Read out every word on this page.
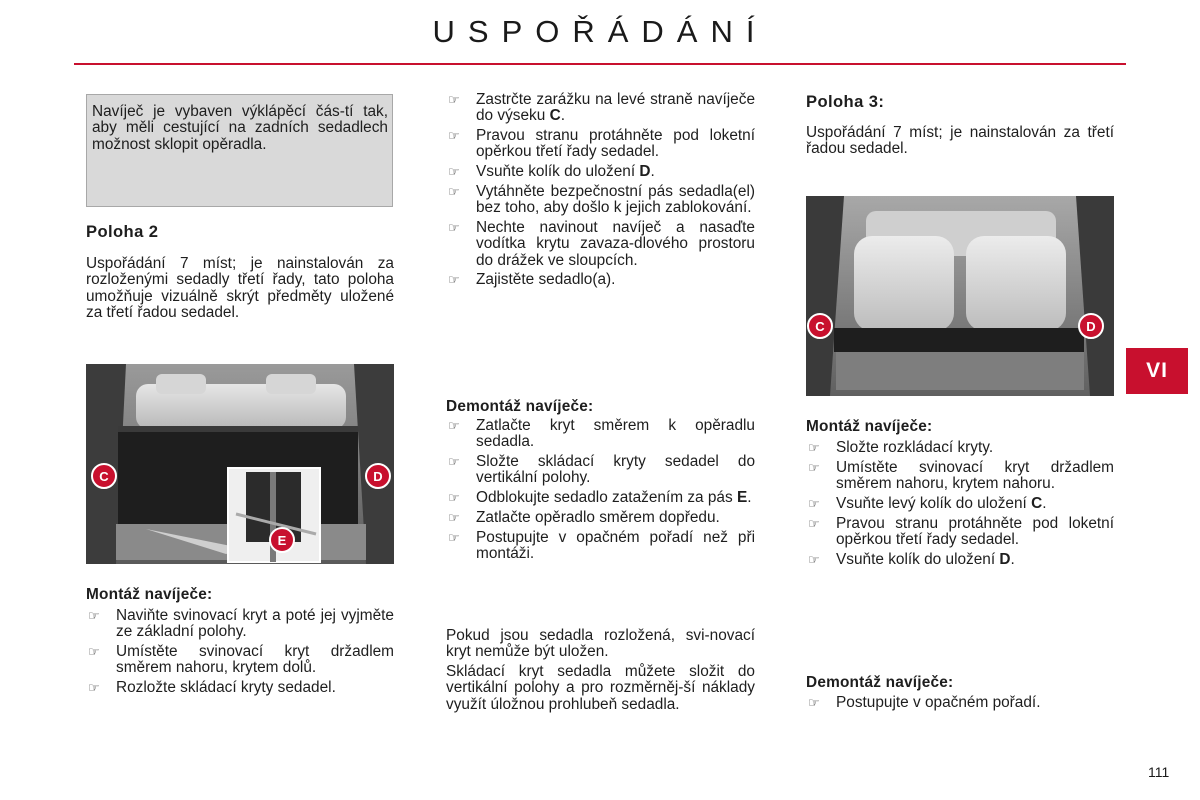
USPOŘÁDÁNÍ
Navíječ je vybaven výklápěcí čás-tí tak, aby měli cestující na zadních sedadlech možnost sklopit opěradla.
Poloha 2
Uspořádání 7 míst; je nainstalován za rozloženými sedadly třetí řady, tato poloha umožňuje vizuálně skrýt předměty uložené za třetí řadou sedadel.
C	D
E
Montáž navíječe:
☞ Naviňte svinovací kryt a poté jej vyjměte ze základní polohy.
☞ Umístěte svinovací kryt držadlem směrem nahoru, krytem dolů.
☞ Rozložte skládací kryty sedadel.
☞ Zastrčte zarážku na levé straně navíječe do výseku C.
☞ Pravou stranu protáhněte pod loketní opěrkou třetí řady sedadel.
☞ Vsuňte kolík do uložení D.
☞ Vytáhněte bezpečnostní pás sedadla(el) bez toho, aby došlo k jejich zablokování.
☞ Nechte navinout navíječ a nasaďte vodítka krytu zavaza-dlového prostoru do drážek ve sloupcích.
☞ Zajistěte sedadlo(a).
Demontáž navíječe:
☞ Zatlačte kryt směrem k opěradlu sedadla.
☞ Složte skládací kryty sedadel do vertikální polohy.
☞ Odblokujte sedadlo zatažením za pás E.
☞ Zatlačte opěradlo směrem dopředu.
☞ Postupujte v opačném pořadí než při montáži.
Pokud jsou sedadla rozložená, svi-novací kryt nemůže být uložen.
Skládací kryt sedadla můžete složit do vertikální polohy a pro rozměrněj-ší náklady využít úložnou prohlubeň sedadla.
Poloha 3:
Uspořádání 7 míst; je nainstalován za třetí řadou sedadel.
C	D
Montáž navíječe:
☞ Složte rozkládací kryty.
☞ Umístěte svinovací kryt držadlem směrem nahoru, krytem nahoru.
☞ Vsuňte levý kolík do uložení C.
☞ Pravou stranu protáhněte pod loketní opěrkou třetí řady sedadel.
☞ Vsuňte kolík do uložení D.
Demontáž navíječe:
☞ Postupujte v opačném pořadí.
VI
111
